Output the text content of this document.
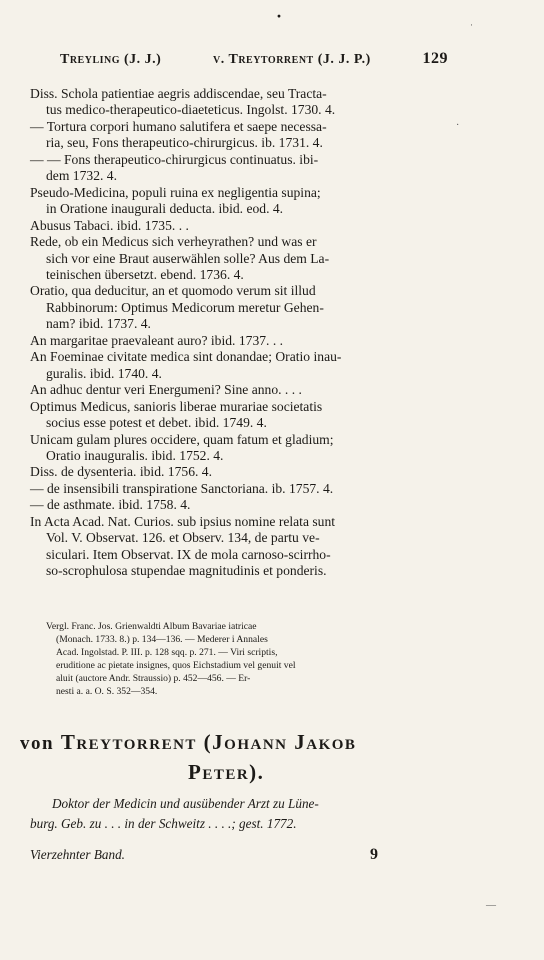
·	·
Treyling (J. J.)	v. Treytorrent (J. J. P.)	129

Diss. Schola patientiae aegris addiscendae, seu Tracta-
tus medico-therapeutico-diaeteticus. Ingolst. 1730. 4.
— Tortura corpori humano salutifera et saepe necessa-
ria, seu, Fons therapeutico-chirurgicus. ib. 1731. 4.
— — Fons therapeutico-chirurgicus continuatus. ibi-
dem 1732. 4.

Pseudo-Medicina, populi ruina ex negligentia supina;
in Oratione inaugurali deducta. ibid. eod. 4.

Abusus Tabaci. ibid. 1735. . .

Rede, ob ein Medicus sich verheyrathen? und was er
sich vor eine Braut auserwählen solle? Aus dem La-
teinischen übersetzt. ebend. 1736. 4.

Oratio, qua deducitur, an et quomodo verum sit illud
Rabbinorum: Optimus Medicorum meretur Gehen-
nam? ibid. 1737. 4.

An margaritae praevaleant auro? ibid. 1737. . .

An Foeminae civitate medica sint donandae; Oratio inau-
guralis. ibid. 1740. 4.

An adhuc dentur veri Energumeni? Sine anno. . . .

Optimus Medicus, sanioris liberae murariae societatis
socius esse potest et debet. ibid. 1749. 4.

Unicam gulam plures occidere, quam fatum et gladium;
Oratio inauguralis. ibid. 1752. 4.

Diss. de dysenteria. ibid. 1756. 4.

— de insensibili transpiratione Sanctoriana. ib. 1757. 4.

— de asthmate. ibid. 1758. 4.

In Acta Acad. Nat. Curios. sub ipsius nomine relata sunt
Vol. V. Observat. 126. et Observ. 134, de partu ve-
siculari. Item Observat. IX de mola carnoso-scirrho-
so-scrophulosa stupendae magnitudinis et ponderis.

·
Vergl. Franc. Jos. Grienwaldti Album Bavariae iatricae
(Monach. 1733. 8.) p. 134—136. — Mederer i Annales
Acad. Ingolstad. P. III. p. 128 sqq. p. 271. — Viri scriptis,
eruditione ac pietate insignes, quos Eichstadium vel genuit vel
aluit (auctore Andr. Straussio) p. 452—456. — Er-
nesti a. a. O. S. 352—354.
von Treytorrent (Johann Jakob
Peter).
Doktor der Medicin und ausübender Arzt zu Lüne-
burg. Geb. zu . . . in der Schweitz . . . .; gest. 1772.
Vierzehnter Band.	9
—
